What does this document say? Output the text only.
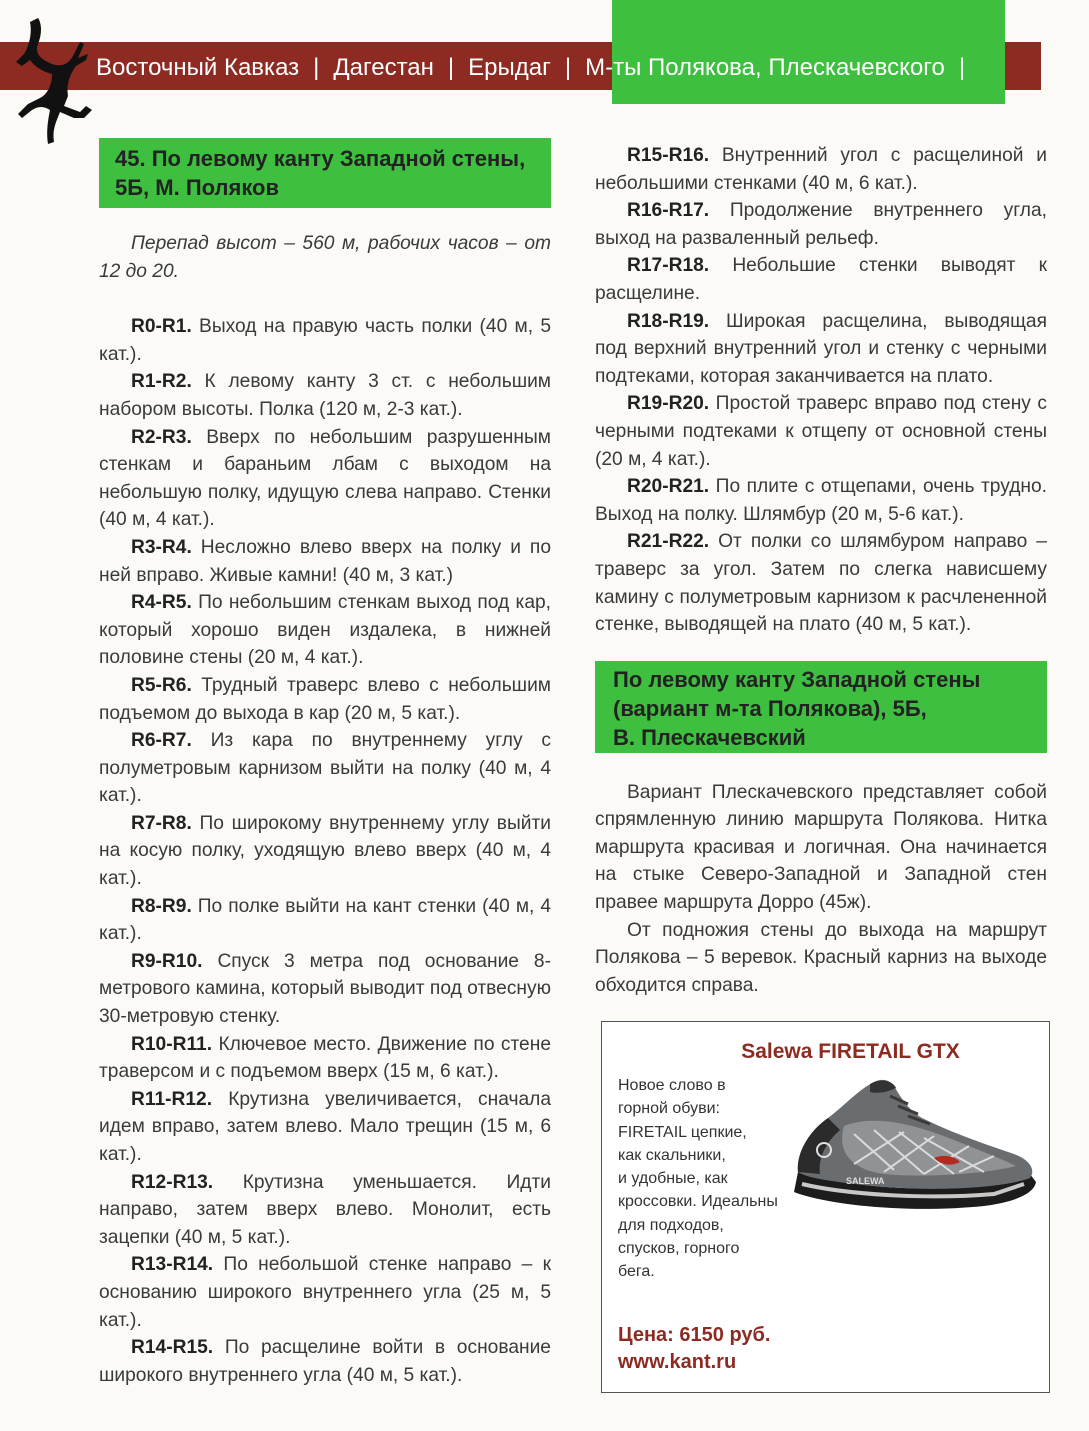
Восточный Кавказ | Дагестан | Ерыдаг | М-ты Полякова, Плескачевского |
45. По левому канту Западной стены,
5Б, М. Поляков

Перепад высот – 560 м, рабочих часов – от 12 до 20.

R0-R1. Выход на правую часть полки (40 м, 5 кат.).

R1-R2. К левому канту 3 ст. с небольшим набором высоты. Полка (120 м, 2-3 кат.).

R2-R3. Вверх по небольшим разрушенным стенкам и бараньим лбам с выходом на небольшую полку, идущую слева направо. Стенки (40 м, 4 кат.).

R3-R4. Несложно влево вверх на полку и по ней вправо. Живые камни! (40 м, 3 кат.)

R4-R5. По небольшим стенкам выход под кар, который хорошо виден издалека, в нижней половине стены (20 м, 4 кат.).

R5-R6. Трудный траверс влево с небольшим подъемом до выхода в кар (20 м, 5 кат.).

R6-R7. Из кара по внутреннему углу с полуметровым карнизом выйти на полку (40 м, 4 кат.).

R7-R8. По широкому внутреннему углу выйти на косую полку, уходящую влево вверх (40 м, 4 кат.).

R8-R9. По полке выйти на кант стенки (40 м, 4 кат.).

R9-R10. Спуск 3 метра под основание 8-метрового камина, который выводит под отвесную 30-метровую стенку.

R10-R11. Ключевое место. Движение по стене траверсом и с подъемом вверх (15 м, 6 кат.).

R11-R12. Крутизна увеличивается, сначала идем вправо, затем влево. Мало трещин (15 м, 6 кат.).

R12-R13. Крутизна уменьшается. Идти направо, затем вверх влево. Монолит, есть зацепки (40 м, 5 кат.).

R13-R14. По небольшой стенке направо – к основанию широкого внутреннего угла (25 м, 5 кат.).

R14-R15. По расщелине войти в основание широкого внутреннего угла (40 м, 5 кат.).

R15-R16. Внутренний угол с расщелиной и небольшими стенками (40 м, 6 кат.).

R16-R17. Продолжение внутреннего угла, выход на разваленный рельеф.

R17-R18. Небольшие стенки выводят к расщелине.

R18-R19. Широкая расщелина, выводящая под верхний внутренний угол и стенку с черными подтеками, которая заканчивается на плато.

R19-R20. Простой траверс вправо под стену с черными подтеками к отщепу от основной стены (20 м, 4 кат.).

R20-R21. По плите с отщепами, очень трудно. Выход на полку. Шлямбур (20 м, 5-6 кат.).

R21-R22. От полки со шлямбуром направо – траверс за угол. Затем по слегка нависшему камину с полуметровым карнизом к расчлененной стенке, выводящей на плато (40 м, 5 кат.).

По левому канту Западной стены
(вариант м-та Полякова), 5Б,
В. Плескачевский

Вариант Плескачевского представляет собой спрямленную линию маршрута Полякова. Нитка маршрута красивая и логичная. Она начинается на стыке Северо-Западной и Западной стен правее маршрута Дорро (45ж).

От подножия стены до выхода на маршрут Полякова – 5 веревок. Красный карниз на выходе обходится справа.

Salewa FIRETAIL GTX
Новое слово в
горной обуви:
FIRETAIL цепкие,
как скальники,
и удобные, как
кроссовки. Идеальны
для подходов,
спусков, горного
бега.
SALEWA
Цена: 6150 руб.
www.kant.ru
